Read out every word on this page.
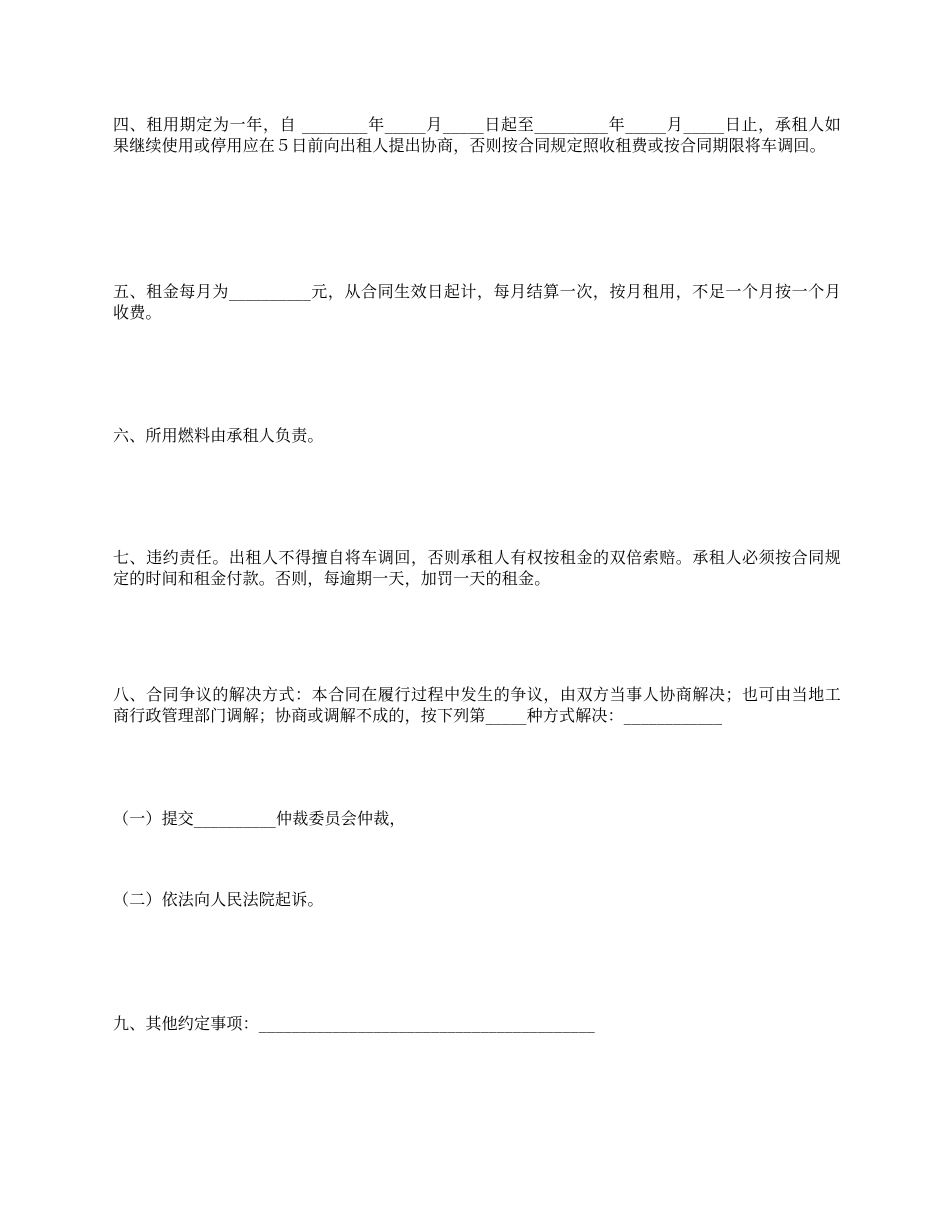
四、租用期定为一年，自 ________年_____月_____日起至_________年_____月_____日止，承租人如果继续使用或停用应在５日前向出租人提出协商，否则按合同规定照收租费或按合同期限将车调回。

五、租金每月为__________元，从合同生效日起计，每月结算一次，按月租用，不足一个月按一个月收费。

六、所用燃料由承租人负责。

七、违约责任。出租人不得擅自将车调回，否则承租人有权按租金的双倍索赔。承租人必须按合同规定的时间和租金付款。否则，每逾期一天，加罚一天的租金。

八、合同争议的解决方式：本合同在履行过程中发生的争议，由双方当事人协商解决；也可由当地工商行政管理部门调解；协商或调解不成的，按下列第_____种方式解决：____________

（一）提交__________仲裁委员会仲裁，

（二）依法向人民法院起诉。

九、其他约定事项：_________________________________________
